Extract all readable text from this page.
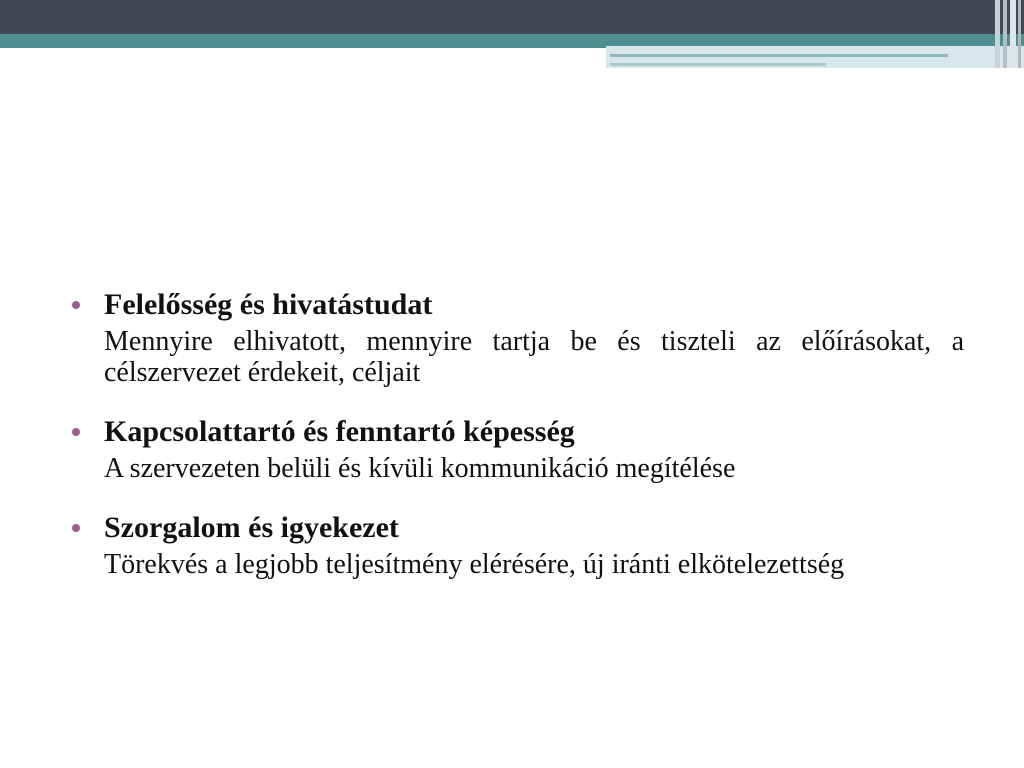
Felelősség és hivatástudat

Mennyire elhivatott, mennyire tartja be és tiszteli az előírásokat, a célszervezet érdekeit, céljait

Kapcsolattartó és fenntartó képesség

A szervezeten belüli és kívüli kommunikáció megítélése

Szorgalom és igyekezet

Törekvés a legjobb teljesítmény elérésére, új iránti elkötelezettség
